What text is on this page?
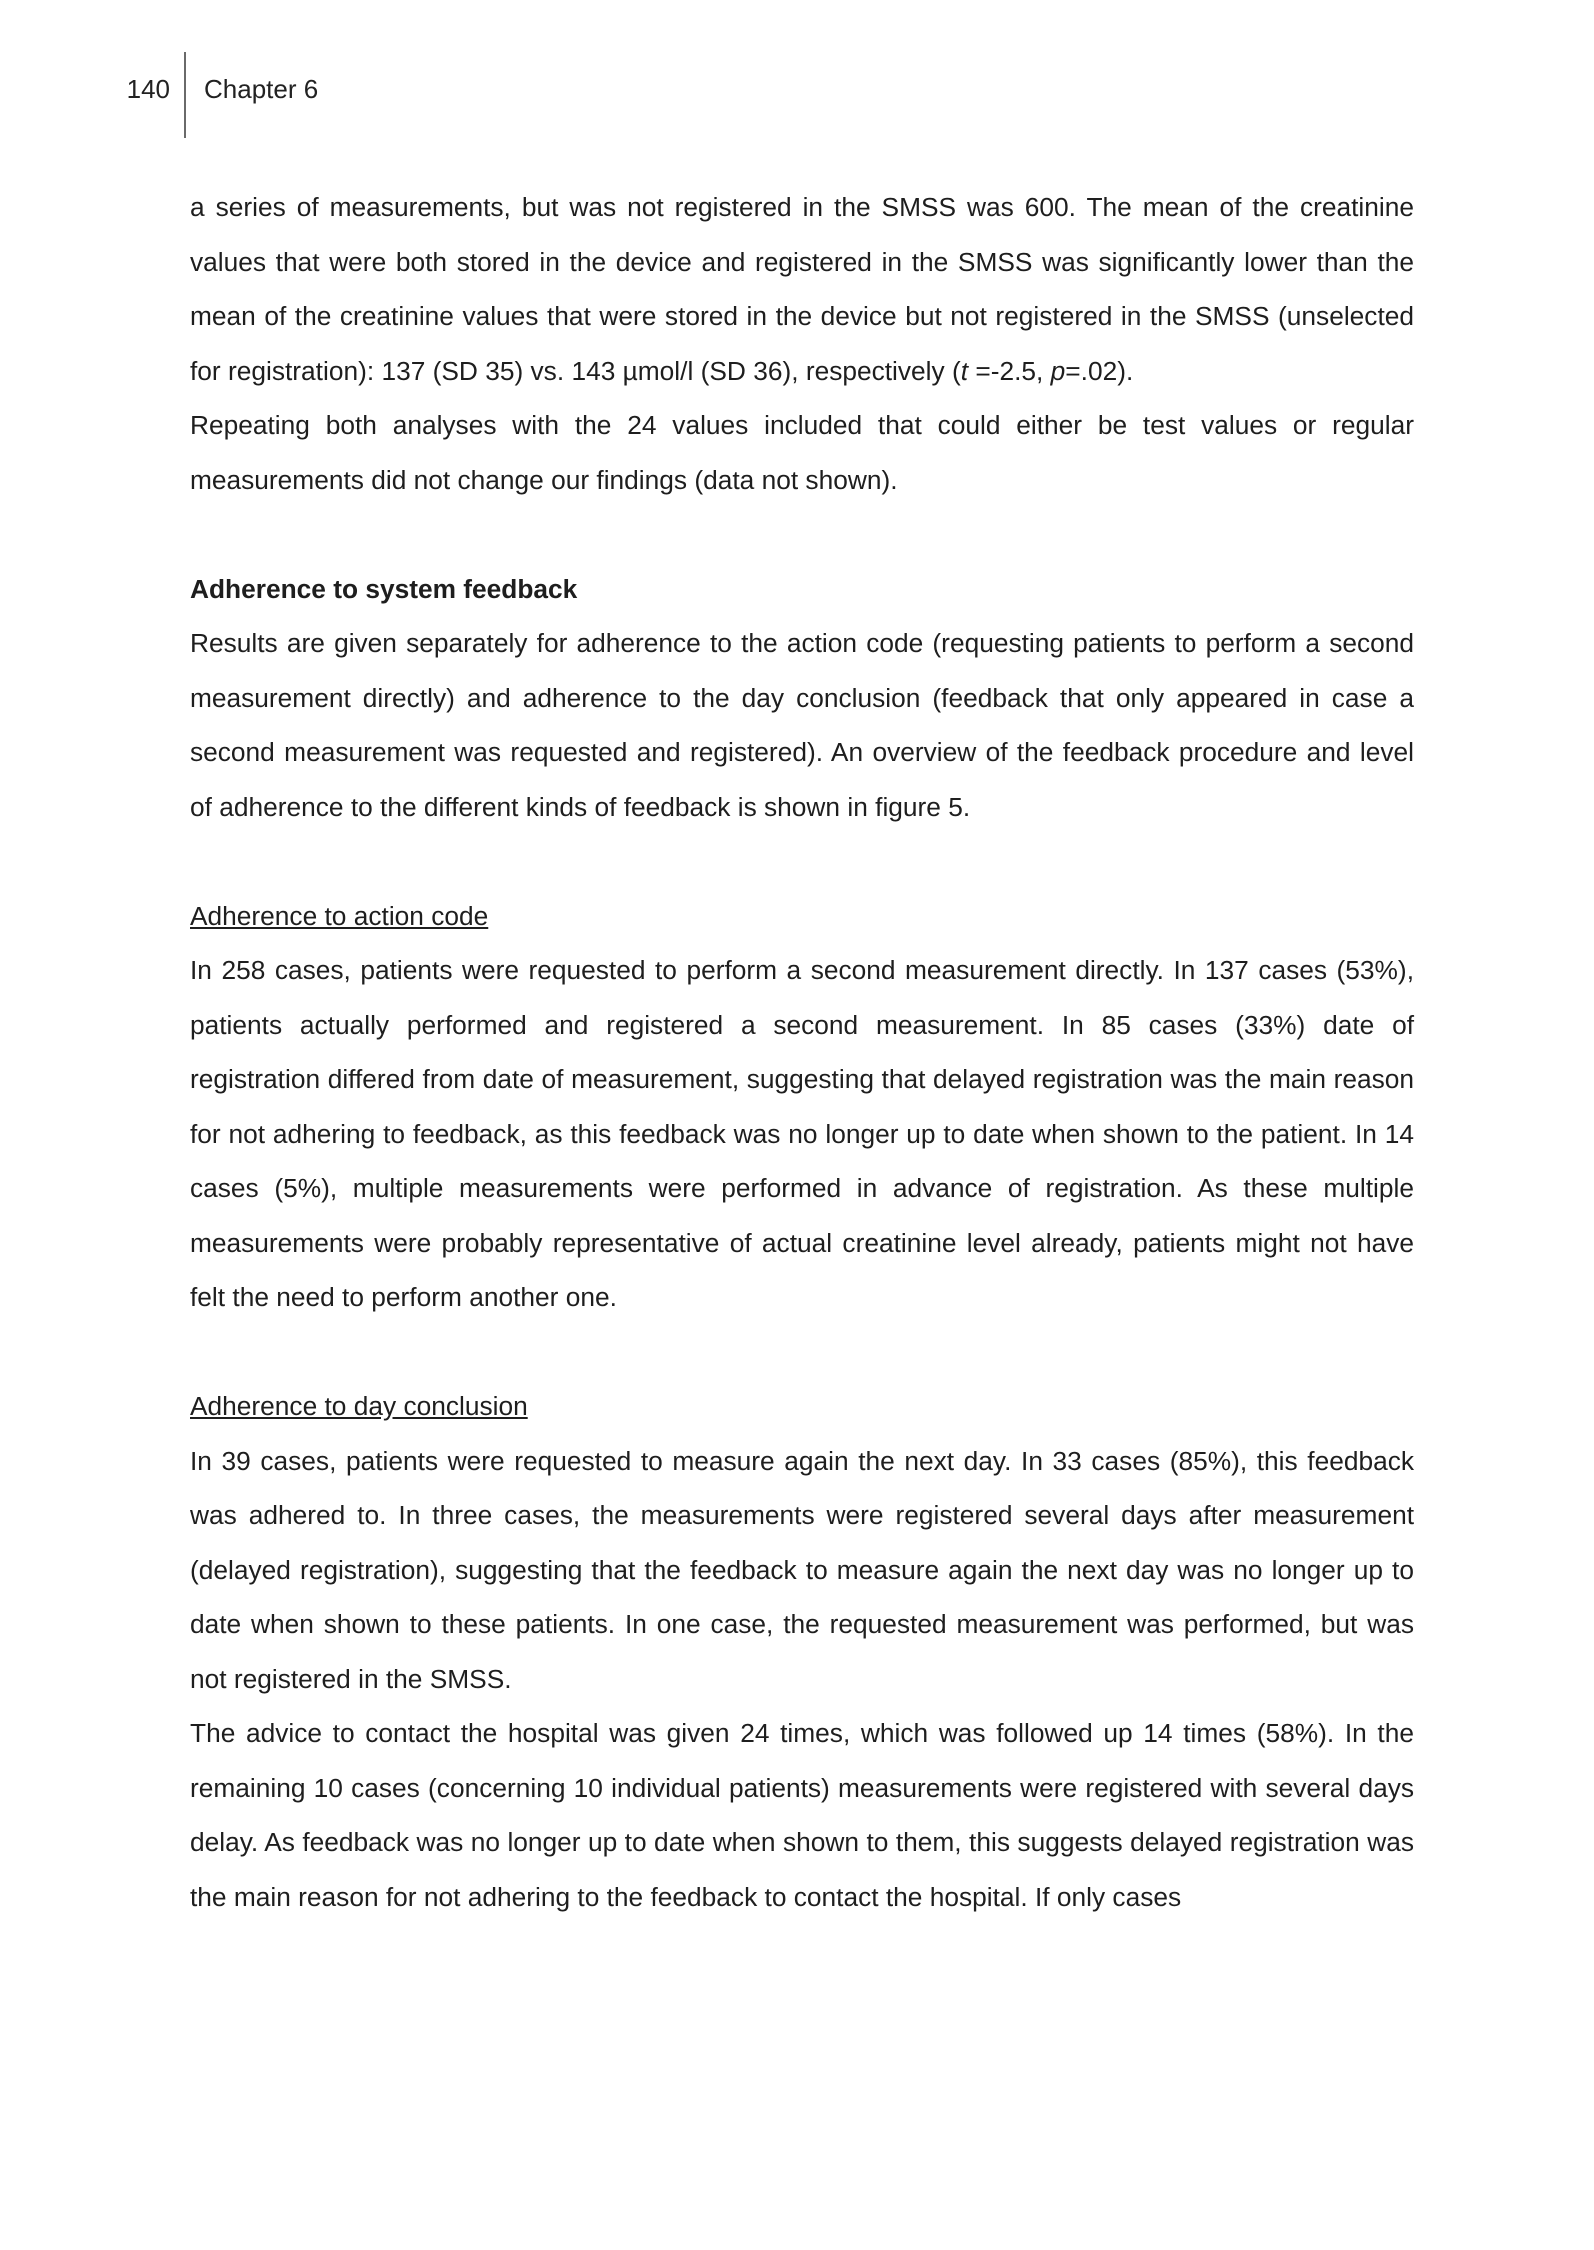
140 Chapter 6

a series of measurements, but was not registered in the SMSS was 600. The mean of the creatinine values that were both stored in the device and registered in the SMSS was significantly lower than the mean of the creatinine values that were stored in the device but not registered in the SMSS (unselected for registration): 137 (SD 35) vs. 143 µmol/l (SD 36), respectively (t =-2.5, p=.02).

Repeating both analyses with the 24 values included that could either be test values or regular measurements did not change our findings (data not shown).

Adherence to system feedback

Results are given separately for adherence to the action code (requesting patients to perform a second measurement directly) and adherence to the day conclusion (feedback that only appeared in case a second measurement was requested and registered). An overview of the feedback procedure and level of adherence to the different kinds of feedback is shown in figure 5.

Adherence to action code

In 258 cases, patients were requested to perform a second measurement directly. In 137 cases (53%), patients actually performed and registered a second measurement. In 85 cases (33%) date of registration differed from date of measurement, suggesting that delayed registration was the main reason for not adhering to feedback, as this feedback was no longer up to date when shown to the patient. In 14 cases (5%), multiple measurements were performed in advance of registration. As these multiple measurements were probably representative of actual creatinine level already, patients might not have felt the need to perform another one.

Adherence to day conclusion

In 39 cases, patients were requested to measure again the next day. In 33 cases (85%), this feedback was adhered to. In three cases, the measurements were registered several days after measurement (delayed registration), suggesting that the feedback to measure again the next day was no longer up to date when shown to these patients. In one case, the requested measurement was performed, but was not registered in the SMSS.

The advice to contact the hospital was given 24 times, which was followed up 14 times (58%). In the remaining 10 cases (concerning 10 individual patients) measurements were registered with several days delay. As feedback was no longer up to date when shown to them, this suggests delayed registration was the main reason for not adhering to the feedback to contact the hospital. If only cases
